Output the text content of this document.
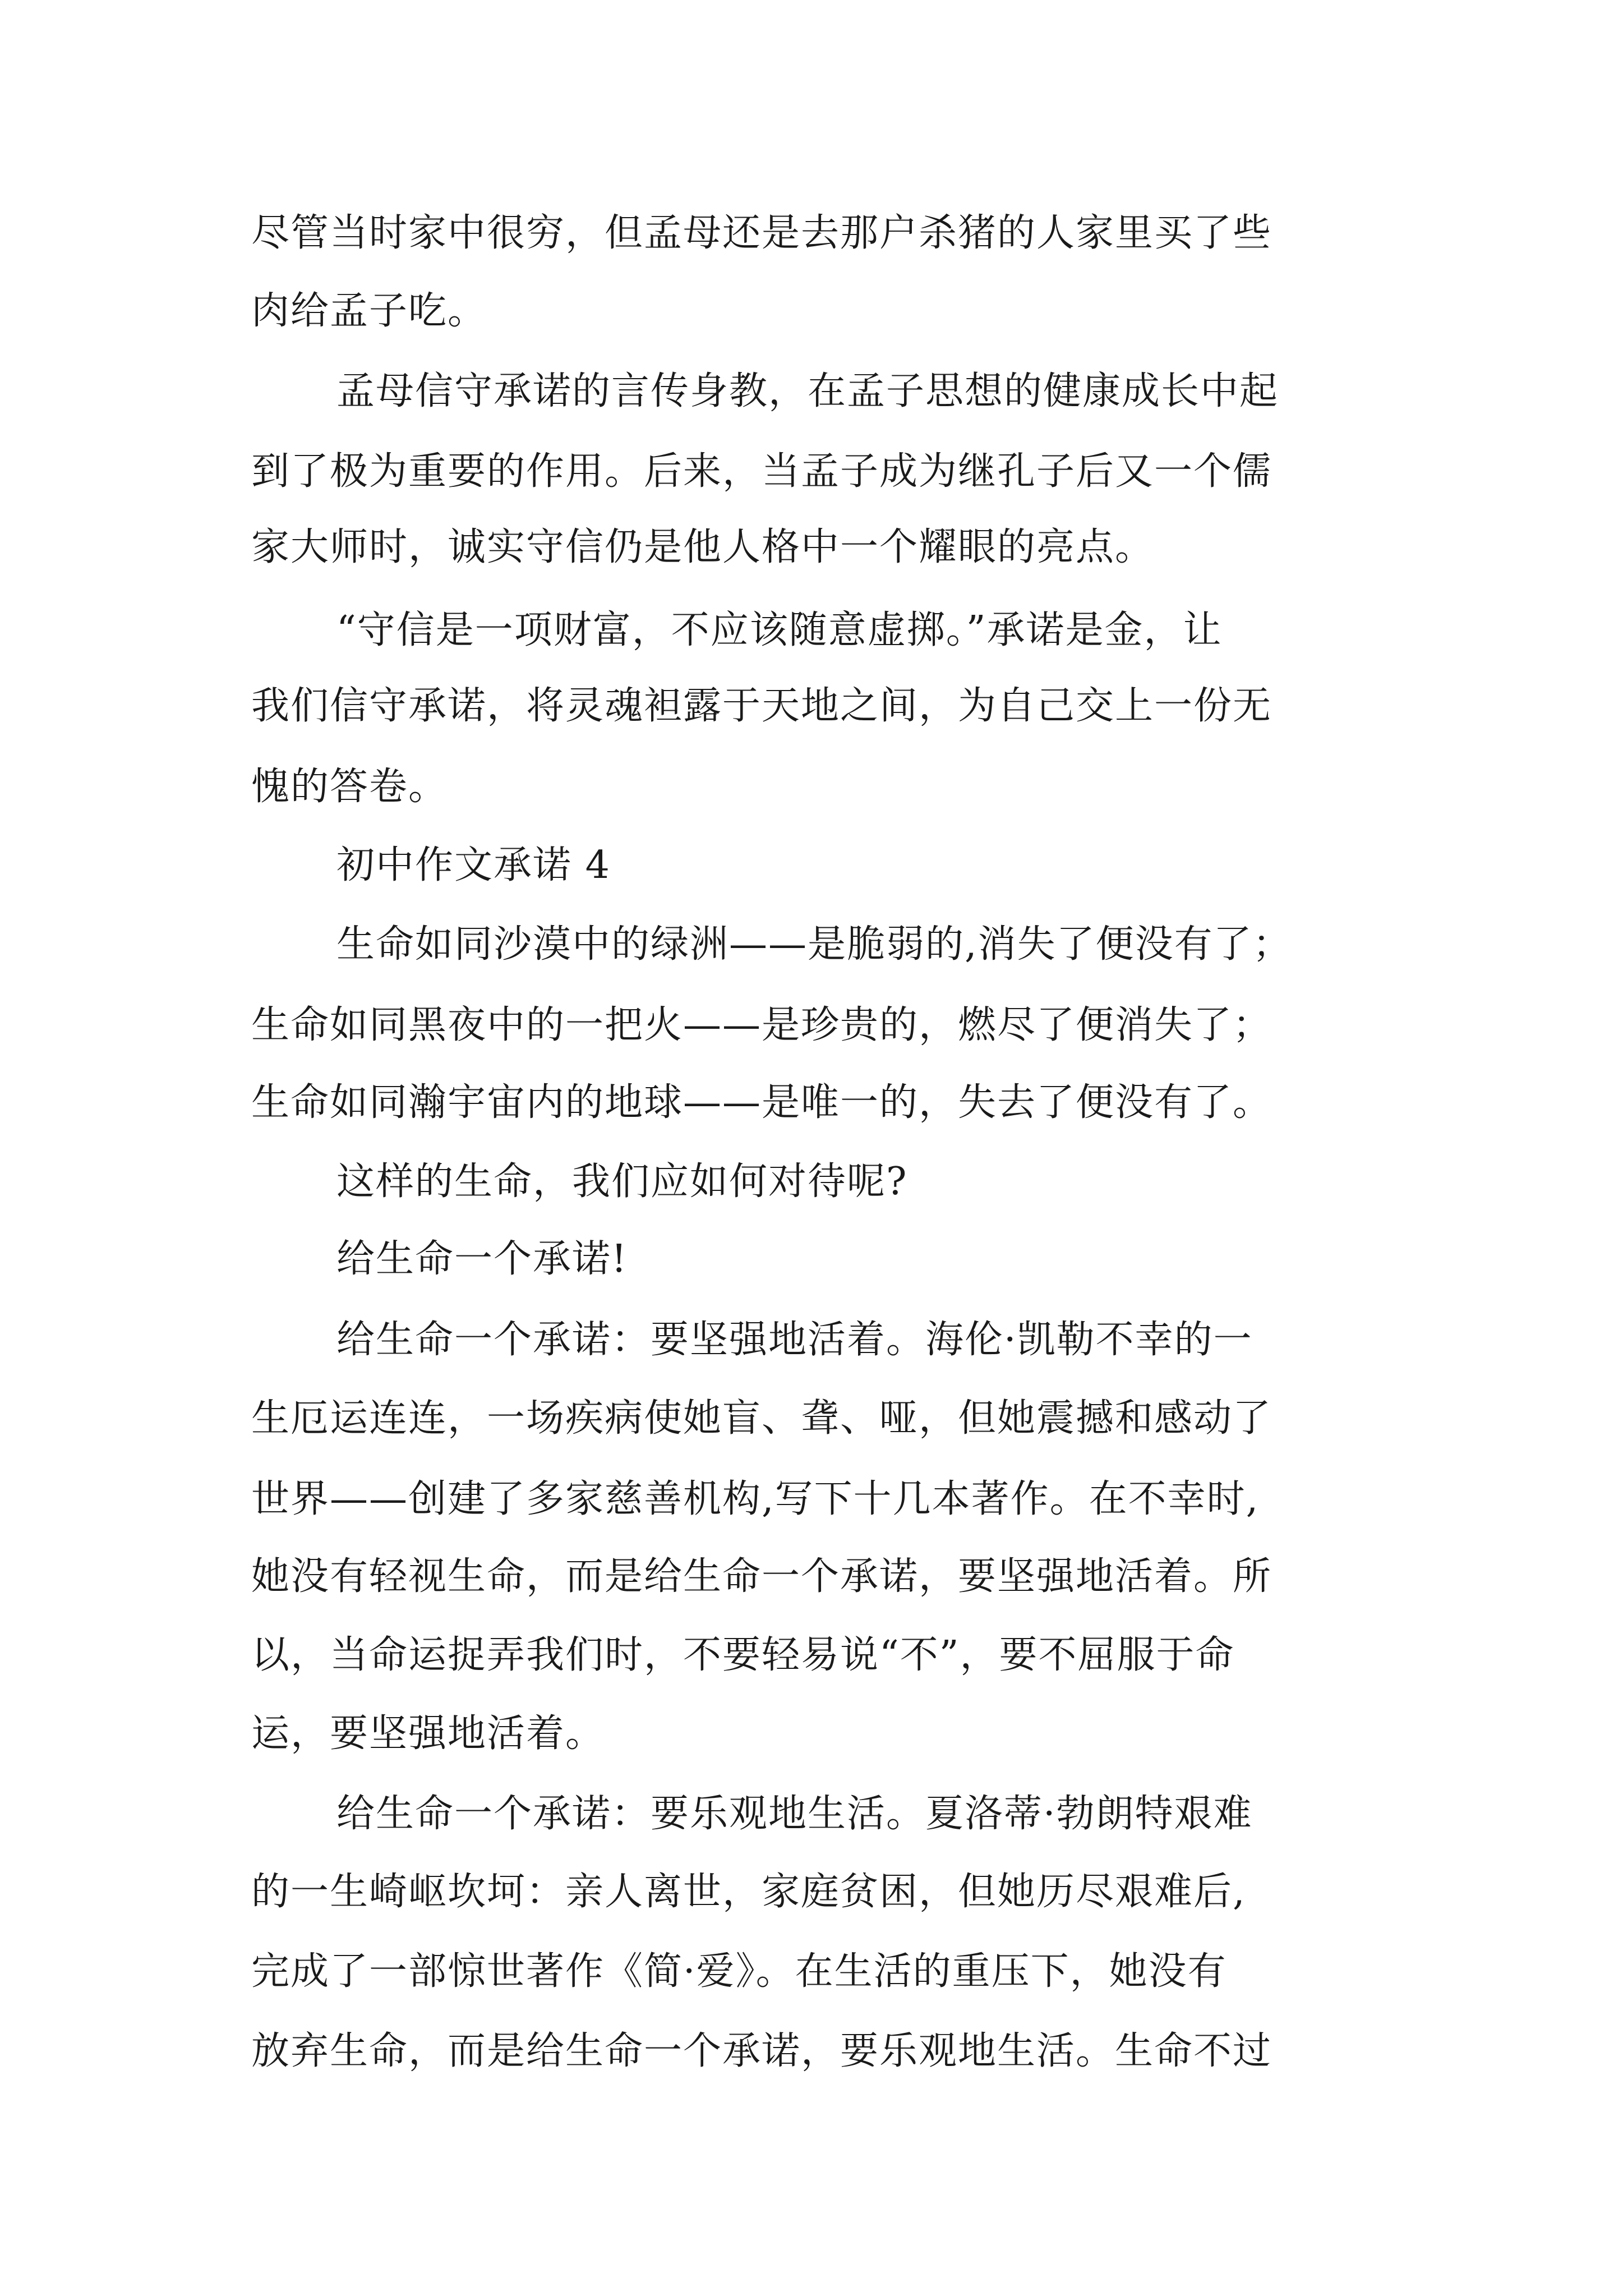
尽管当时家中很穷，但孟母还是去那户杀猪的人家里买了些
肉给孟子吃。
孟母信守承诺的言传身教，在孟子思想的健康成长中起
到了极为重要的作用。后来，当孟子成为继孔子后又一个儒
家大师时，诚实守信仍是他人格中一个耀眼的亮点。
“守信是一项财富，不应该随意虚掷。”承诺是金，让
我们信守承诺，将灵魂袒露于天地之间，为自己交上一份无
愧的答卷。
初中作文承诺 4
生命如同沙漠中的绿洲——是脆弱的,消失了便没有了；
生命如同黑夜中的一把火——是珍贵的，燃尽了便消失了；
生命如同瀚宇宙内的地球——是唯一的，失去了便没有了。
这样的生命，我们应如何对待呢?
给生命一个承诺!
给生命一个承诺：要坚强地活着。海伦·凯勒不幸的一
生厄运连连，一场疾病使她盲、聋、哑，但她震撼和感动了
世界——创建了多家慈善机构,写下十几本著作。在不幸时,
她没有轻视生命，而是给生命一个承诺，要坚强地活着。所
以，当命运捉弄我们时，不要轻易说“不”，要不屈服于命
运，要坚强地活着。
给生命一个承诺：要乐观地生活。夏洛蒂·勃朗特艰难
的一生崎岖坎坷：亲人离世，家庭贫困，但她历尽艰难后,
完成了一部惊世著作《简·爱》。在生活的重压下，她没有
放弃生命，而是给生命一个承诺，要乐观地生活。生命不过
